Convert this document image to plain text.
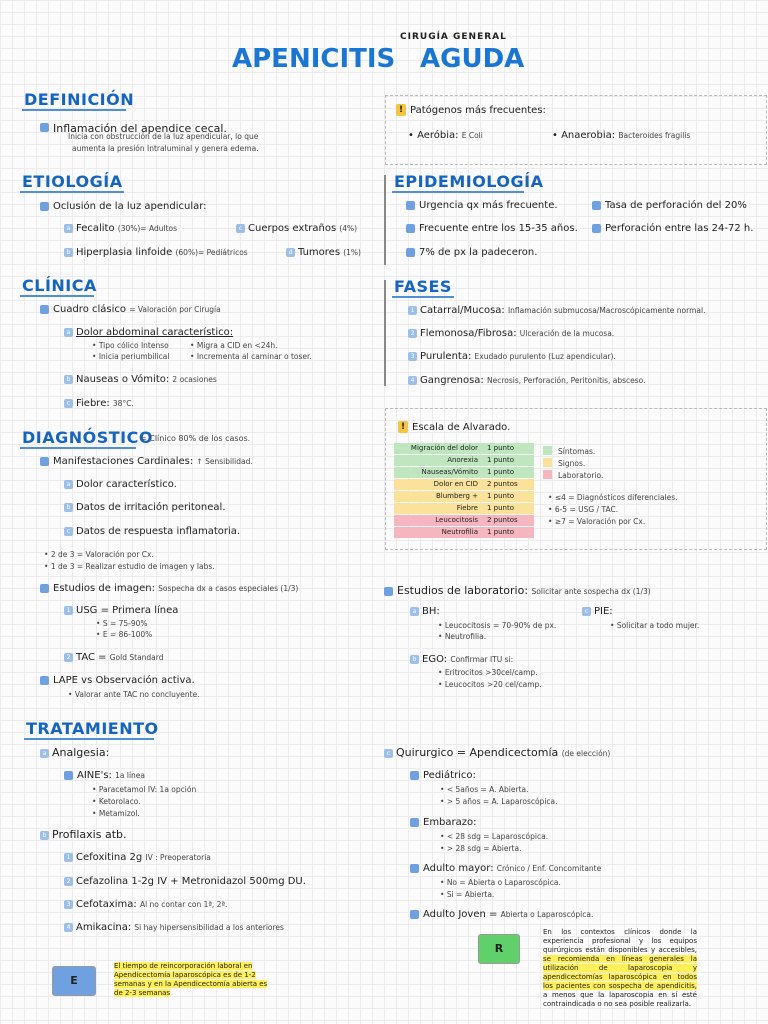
CIRUGÍA GENERAL
APENICITIS AGUDA
DEFINICIÓN
Inflamación del apendice cecal.
Inicia con obstrucción de la luz apendicular, lo que
aumenta la presión Intraluminal y genera edema.
! Patógenos más frecuentes:
• Aeróbia: E Coli	• Anaerobia: Bacteroides fragilis
ETIOLOGÍA
Oclusión de la luz apendicular:
a Fecalito (30%)= Adultos	c Cuerpos extraños (4%)
b Hiperplasia linfoide (60%)= Pediátricos	d Tumores (1%)
EPIDEMIOLOGÍA
Urgencia qx más frecuente.	Tasa de perforación del 20%
Frecuente entre los 15-35 años.	Perforación entre las 24-72 h.
7% de px la padeceron.
CLÍNICA
Cuadro clásico = Valoración por Cirugía
a Dolor abdominal característico:
• Tipo cólico Intenso
• Inicia periumbilical
• Migra a CID en <24h.
• Incrementa al caminar o toser.
b Nauseas o Vómito: 2 ocasiones
c Fiebre: 38°C.
FASES
1 Catarral/Mucosa: Inflamación submucosa/Macroscópicamente normal.
2 Flemonosa/Fibrosa: Ulceración de la mucosa.
3 Purulenta: Exudado purulento (Luz apendicular).
4 Gangrenosa: Necrosis, Perforación, Peritonitis, absceso.
! Escala de Alvarado.
Migración del dolor	1 punto
Anorexia	1 punto
Nauseas/Vómito	1 punto
Dolor en CID	2 puntos
Blumberg +	1 punto
Fiebre	1 punto
Leucocitosis	2 puntos
Neutrofilia	1 punto
Síntomas.
Signos.
Laboratorio.
• ≤4 = Diagnósticos diferenciales.
• 6-5 = USG / TAC.
• ≥7 = Valoración por Cx.
DIAGNÓSTICO
= Clínico 80% de los casos.
Manifestaciones Cardinales: ↑ Sensibilidad.
a Dolor característico.
b Datos de irritación peritoneal.
c Datos de respuesta inflamatoria.
• 2 de 3 = Valoración por Cx.
• 1 de 3 = Realizar estudio de imagen y labs.
Estudios de imagen: Sospecha dx a casos especiales (1/3)
1 USG = Primera línea
• S = 75-90%
• E = 86-100%
2 TAC = Gold Standard
LAPE vs Observación activa.
• Valorar ante TAC no concluyente.
Estudios de laboratorio: Solicitar ante sospecha dx (1/3)
a BH:
• Leucocitosis = 70-90% de px.
• Neutrofilia.
c PIE:
• Solicitar a todo mujer.
b EGO: Confirmar ITU si:
• Eritrocitos >30cel/camp.
• Leucocitos >20 cel/camp.
TRATAMIENTO
a Analgesia:
AINE's: 1a línea
• Paracetamol IV: 1a opción
• Ketorolaco.
• Metamizol.
b Profilaxis atb.
1 Cefoxitina 2g IV : Preoperatoria
2 Cefazolina 1-2g IV + Metronidazol 500mg DU.
3 Cefotaxima: Al no contar con 1ª, 2ª.
4 Amikacina: Si hay hipersensibilidad a los anteriores
c Quirurgico = Apendicectomía (de elección)
Pediátrico:
• < 5años = A. Abierta.
• > 5 años = A. Laparoscópica.
Embarazo:
• < 28 sdg = Laparoscópica.
• > 28 sdg = Abierta.
Adulto mayor: Crónico / Enf. Concomitante
• No = Abierta o Laparoscópica.
• Si = Abierta.
Adulto Joven = Abierta o Laparoscópica.
E
El tiempo de reincorporación laboral en Apendicectomía laparoscópica es de 1-2 semanas y en la Apendicectomía abierta es de 2-3 semanas
R
En los contextos clínicos donde la experiencia profesional y los equipos quirúrgicos están disponibles y accesibles, se recomienda en líneas generales la utilización de laparoscopia y apendicectomías laparoscópica en todos los pacientes con sospecha de apendicitis, a menos que la laparoscopia en sí esté contraindicada o no sea posible realizarla.
